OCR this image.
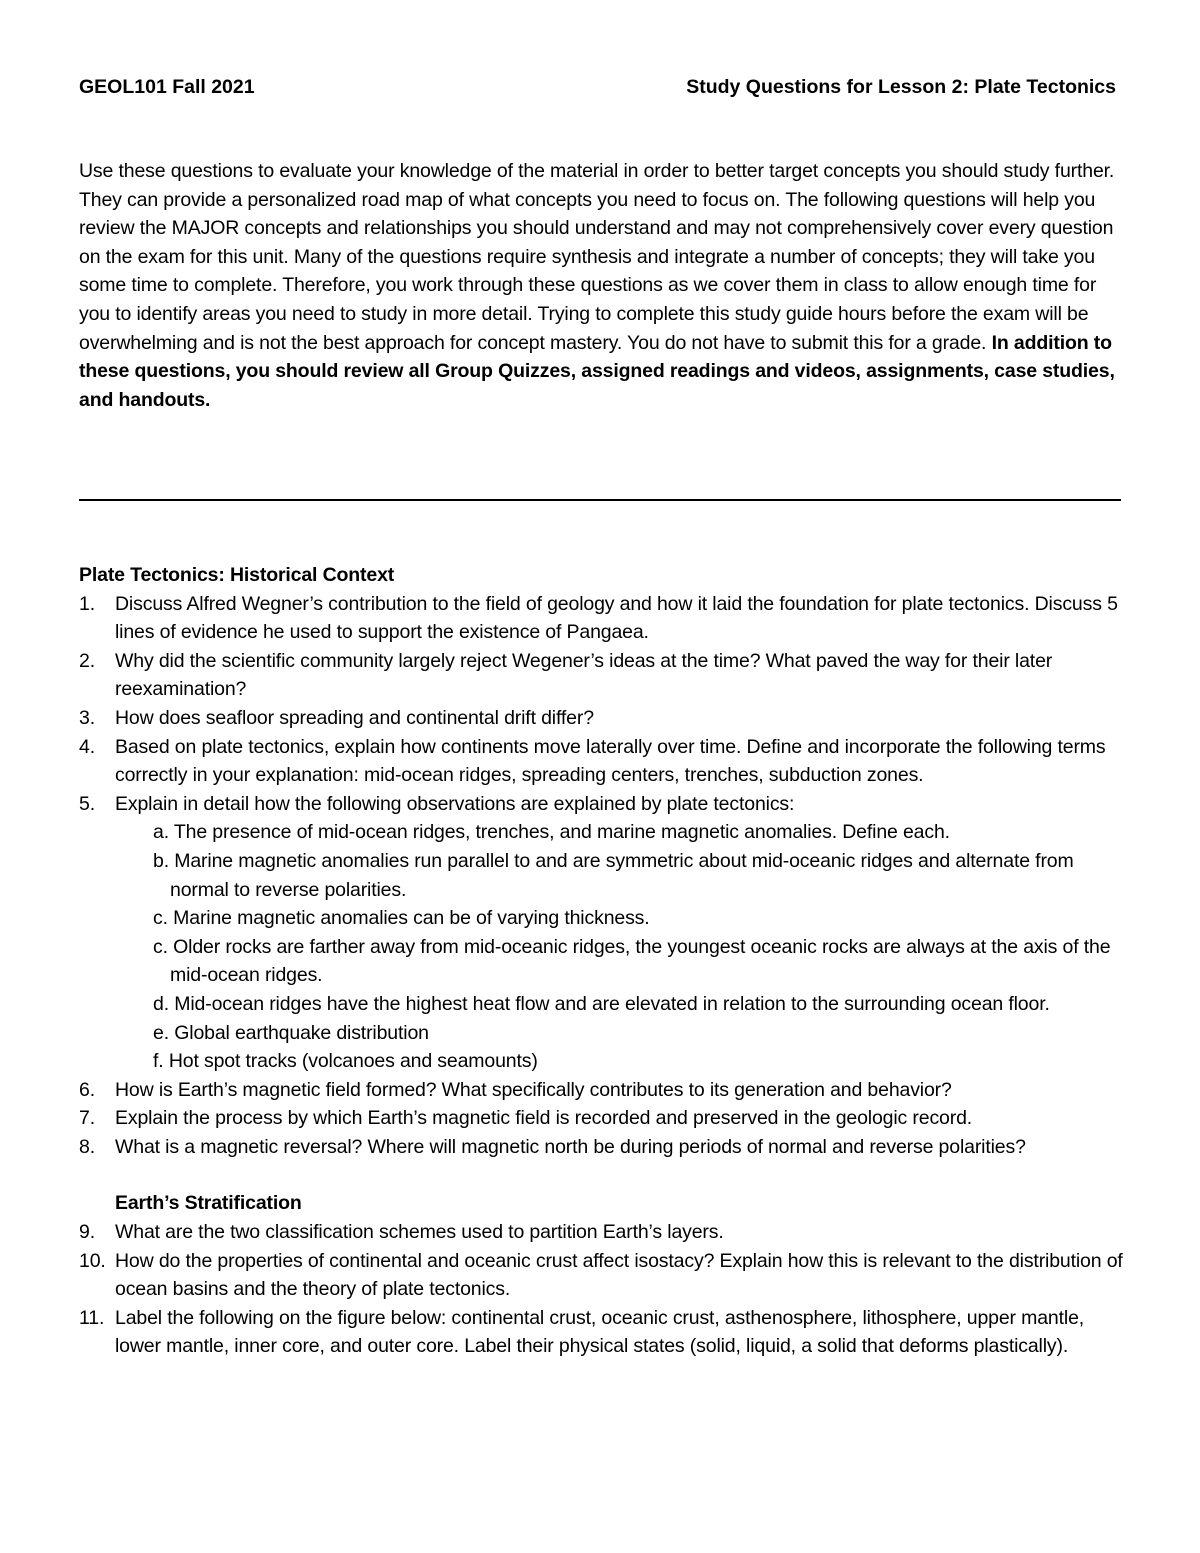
GEOL101 Fall 2021	Study Questions for Lesson 2: Plate Tectonics
Use these questions to evaluate your knowledge of the material in order to better target concepts you should study further. They can provide a personalized road map of what concepts you need to focus on. The following questions will help you review the MAJOR concepts and relationships you should understand and may not comprehensively cover every question on the exam for this unit. Many of the questions require synthesis and integrate a number of concepts; they will take you some time to complete. Therefore, you work through these questions as we cover them in class to allow enough time for you to identify areas you need to study in more detail. Trying to complete this study guide hours before the exam will be overwhelming and is not the best approach for concept mastery. You do not have to submit this for a grade. In addition to these questions, you should review all Group Quizzes, assigned readings and videos, assignments, case studies, and handouts.
Plate Tectonics: Historical Context
1. Discuss Alfred Wegner’s contribution to the field of geology and how it laid the foundation for plate tectonics. Discuss 5 lines of evidence he used to support the existence of Pangaea.
2. Why did the scientific community largely reject Wegener’s ideas at the time? What paved the way for their later reexamination?
3. How does seafloor spreading and continental drift differ?
4. Based on plate tectonics, explain how continents move laterally over time. Define and incorporate the following terms correctly in your explanation: mid-ocean ridges, spreading centers, trenches, subduction zones.
5. Explain in detail how the following observations are explained by plate tectonics:
a. The presence of mid-ocean ridges, trenches, and marine magnetic anomalies. Define each.
b. Marine magnetic anomalies run parallel to and are symmetric about mid-oceanic ridges and alternate from normal to reverse polarities.
c. Marine magnetic anomalies can be of varying thickness.
c. Older rocks are farther away from mid-oceanic ridges, the youngest oceanic rocks are always at the axis of the mid-ocean ridges.
d. Mid-ocean ridges have the highest heat flow and are elevated in relation to the surrounding ocean floor.
e. Global earthquake distribution
f. Hot spot tracks (volcanoes and seamounts)
6. How is Earth’s magnetic field formed? What specifically contributes to its generation and behavior?
7. Explain the process by which Earth’s magnetic field is recorded and preserved in the geologic record.
8. What is a magnetic reversal? Where will magnetic north be during periods of normal and reverse polarities?
Earth’s Stratification
9. What are the two classification schemes used to partition Earth’s layers.
10. How do the properties of continental and oceanic crust affect isostacy? Explain how this is relevant to the distribution of ocean basins and the theory of plate tectonics.
11. Label the following on the figure below: continental crust, oceanic crust, asthenosphere, lithosphere, upper mantle, lower mantle, inner core, and outer core. Label their physical states (solid, liquid, a solid that deforms plastically).
